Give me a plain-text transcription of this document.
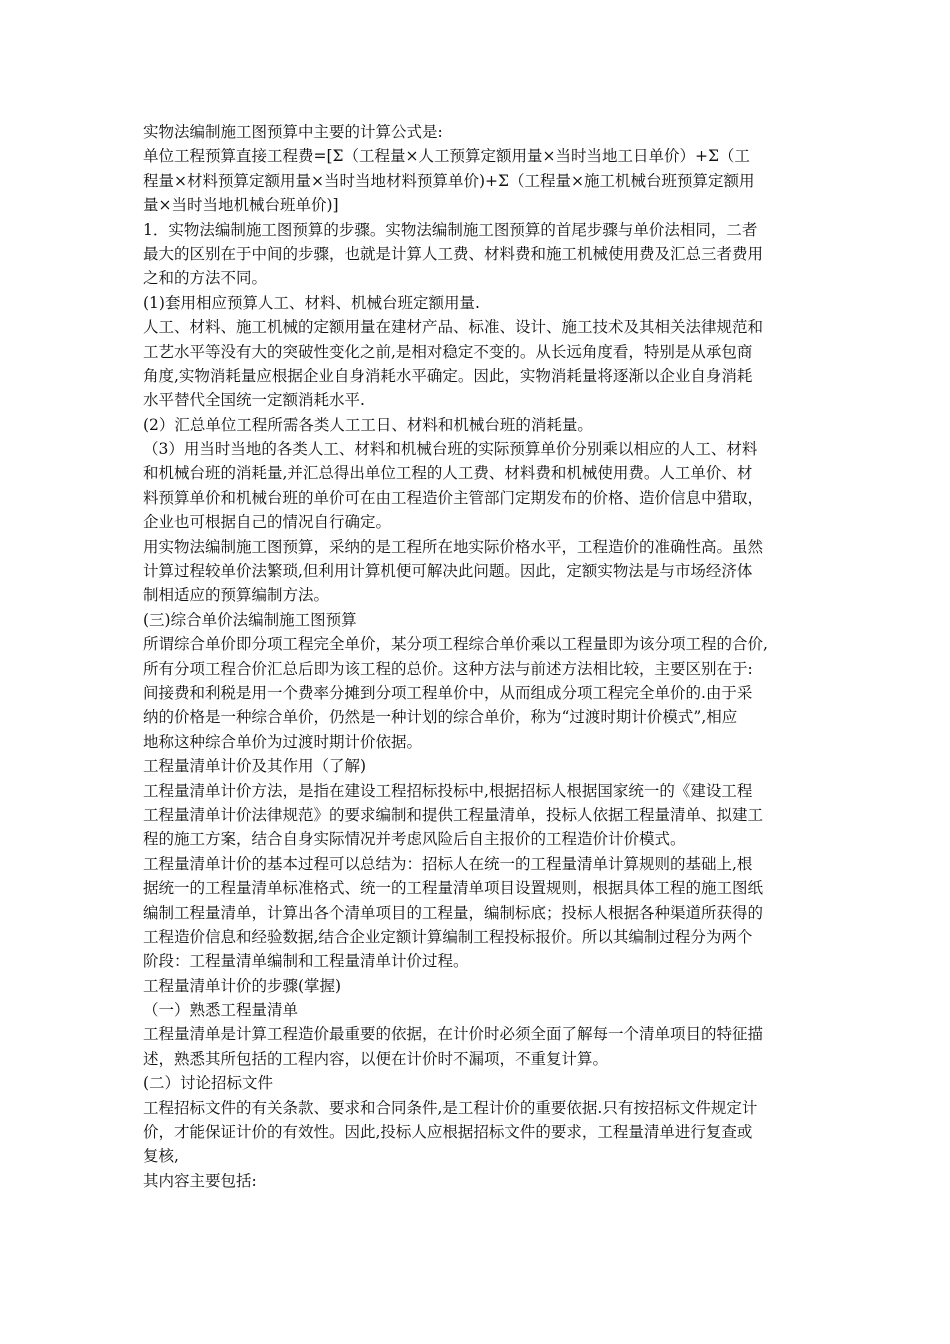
实物法编制施工图预算中主要的计算公式是:
单位工程预算直接工程费=[Σ（工程量×人工预算定额用量×当时当地工日单价）+Σ（工
程量×材料预算定额用量×当时当地材料预算单价)+Σ（工程量×施工机械台班预算定额用
量×当时当地机械台班单价)]
1．实物法编制施工图预算的步骤。实物法编制施工图预算的首尾步骤与单价法相同，二者
最大的区别在于中间的步骤，也就是计算人工费、材料费和施工机械使用费及汇总三者费用
之和的方法不同。
(1)套用相应预算人工、材料、机械台班定额用量.
人工、材料、施工机械的定额用量在建材产品、标准、设计、施工技术及其相关法律规范和
工艺水平等没有大的突破性变化之前,是相对稳定不变的。从长远角度看，特别是从承包商
角度,实物消耗量应根据企业自身消耗水平确定。因此，实物消耗量将逐渐以企业自身消耗
水平替代全国统一定额消耗水平.
(2）汇总单位工程所需各类人工工日、材料和机械台班的消耗量。
（3）用当时当地的各类人工、材料和机械台班的实际预算单价分别乘以相应的人工、材料
和机械台班的消耗量,并汇总得出单位工程的人工费、材料费和机械使用费。人工单价、材
料预算单价和机械台班的单价可在由工程造价主管部门定期发布的价格、造价信息中猎取，
企业也可根据自己的情况自行确定。
用实物法编制施工图预算，采纳的是工程所在地实际价格水平，工程造价的准确性高。虽然
计算过程较单价法繁琐,但利用计算机便可解决此问题。因此，定额实物法是与市场经济体
制相适应的预算编制方法。
(三)综合单价法编制施工图预算
所谓综合单价即分项工程完全单价，某分项工程综合单价乘以工程量即为该分项工程的合价,
所有分项工程合价汇总后即为该工程的总价。这种方法与前述方法相比较，主要区别在于:
间接费和利税是用一个费率分摊到分项工程单价中，从而组成分项工程完全单价的.由于采
纳的价格是一种综合单价，仍然是一种计划的综合单价，称为“过渡时期计价模式”,相应
地称这种综合单价为过渡时期计价依据。
工程量清单计价及其作用（了解)
工程量清单计价方法，是指在建设工程招标投标中,根据招标人根据国家统一的《建设工程
工程量清单计价法律规范》的要求编制和提供工程量清单，投标人依据工程量清单、拟建工
程的施工方案，结合自身实际情况并考虑风险后自主报价的工程造价计价模式。
工程量清单计价的基本过程可以总结为：招标人在统一的工程量清单计算规则的基础上,根
据统一的工程量清单标准格式、统一的工程量清单项目设置规则，根据具体工程的施工图纸
编制工程量清单，计算出各个清单项目的工程量，编制标底；投标人根据各种渠道所获得的
工程造价信息和经验数据,结合企业定额计算编制工程投标报价。所以其编制过程分为两个
阶段：工程量清单编制和工程量清单计价过程。
工程量清单计价的步骤(掌握)
（一）熟悉工程量清单
工程量清单是计算工程造价最重要的依据，在计价时必须全面了解每一个清单项目的特征描
述，熟悉其所包括的工程内容，以便在计价时不漏项，不重复计算。
(二）讨论招标文件
工程招标文件的有关条款、要求和合同条件,是工程计价的重要依据.只有按招标文件规定计
价，才能保证计价的有效性。因此,投标人应根据招标文件的要求，工程量清单进行复查或
复核,
其内容主要包括:
